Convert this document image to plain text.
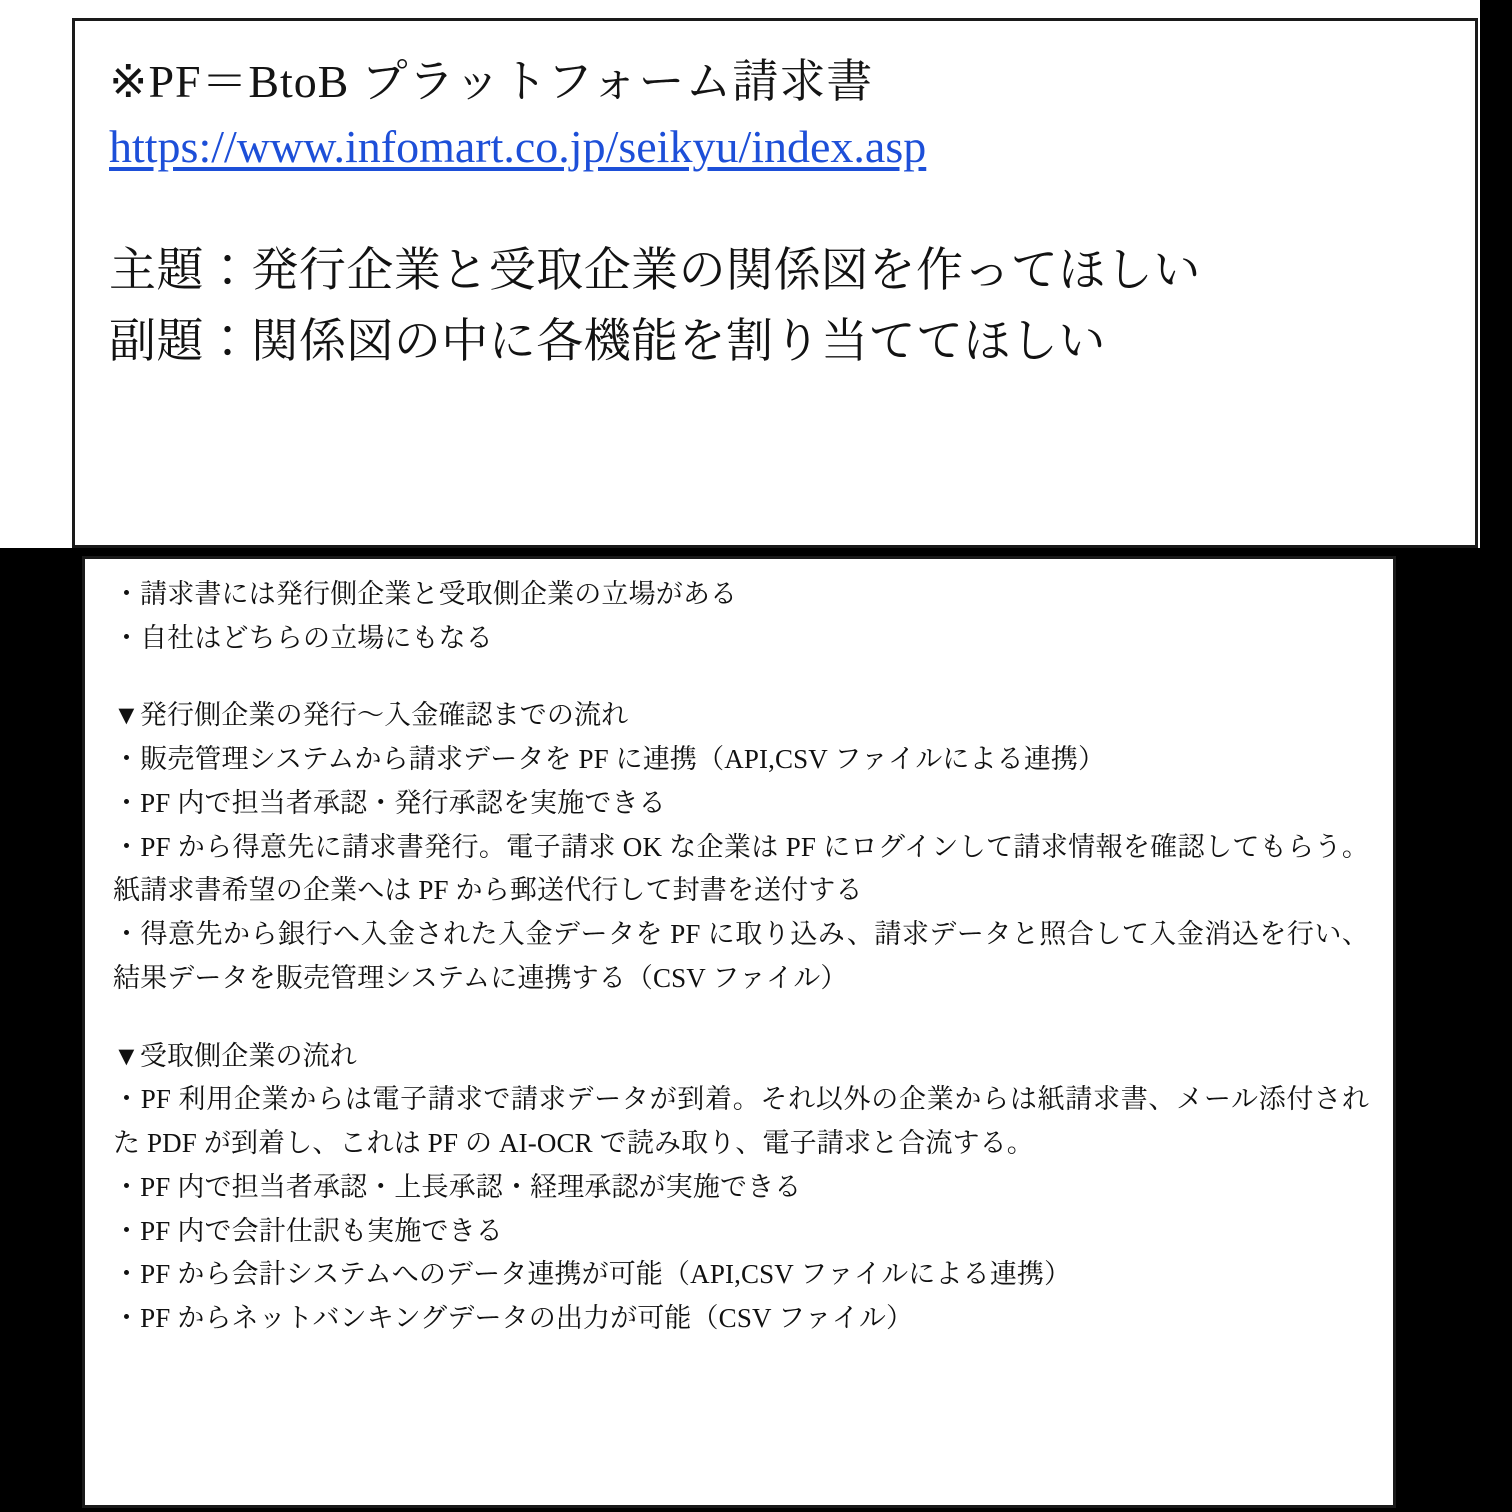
※PF＝BtoB プラットフォーム請求書
https://www.infomart.co.jp/seikyu/index.asp
主題：発行企業と受取企業の関係図を作ってほしい
副題：関係図の中に各機能を割り当ててほしい

・請求書には発行側企業と受取側企業の立場がある

・自社はどちらの立場にもなる

▼発行側企業の発行〜入金確認までの流れ

・販売管理システムから請求データを PF に連携（API,CSV ファイルによる連携）

・PF 内で担当者承認・発行承認を実施できる

・PF から得意先に請求書発行。電子請求 OK な企業は PF にログインして請求情報を確認してもらう。紙請求書希望の企業へは PF から郵送代行して封書を送付する

・得意先から銀行へ入金された入金データを PF に取り込み、請求データと照合して入金消込を行い、結果データを販売管理システムに連携する（CSV ファイル）

▼受取側企業の流れ

・PF 利用企業からは電子請求で請求データが到着。それ以外の企業からは紙請求書、メール添付された PDF が到着し、これは PF の AI-OCR で読み取り、電子請求と合流する。

・PF 内で担当者承認・上長承認・経理承認が実施できる

・PF 内で会計仕訳も実施できる

・PF から会計システムへのデータ連携が可能（API,CSV ファイルによる連携）

・PF からネットバンキングデータの出力が可能（CSV ファイル）
